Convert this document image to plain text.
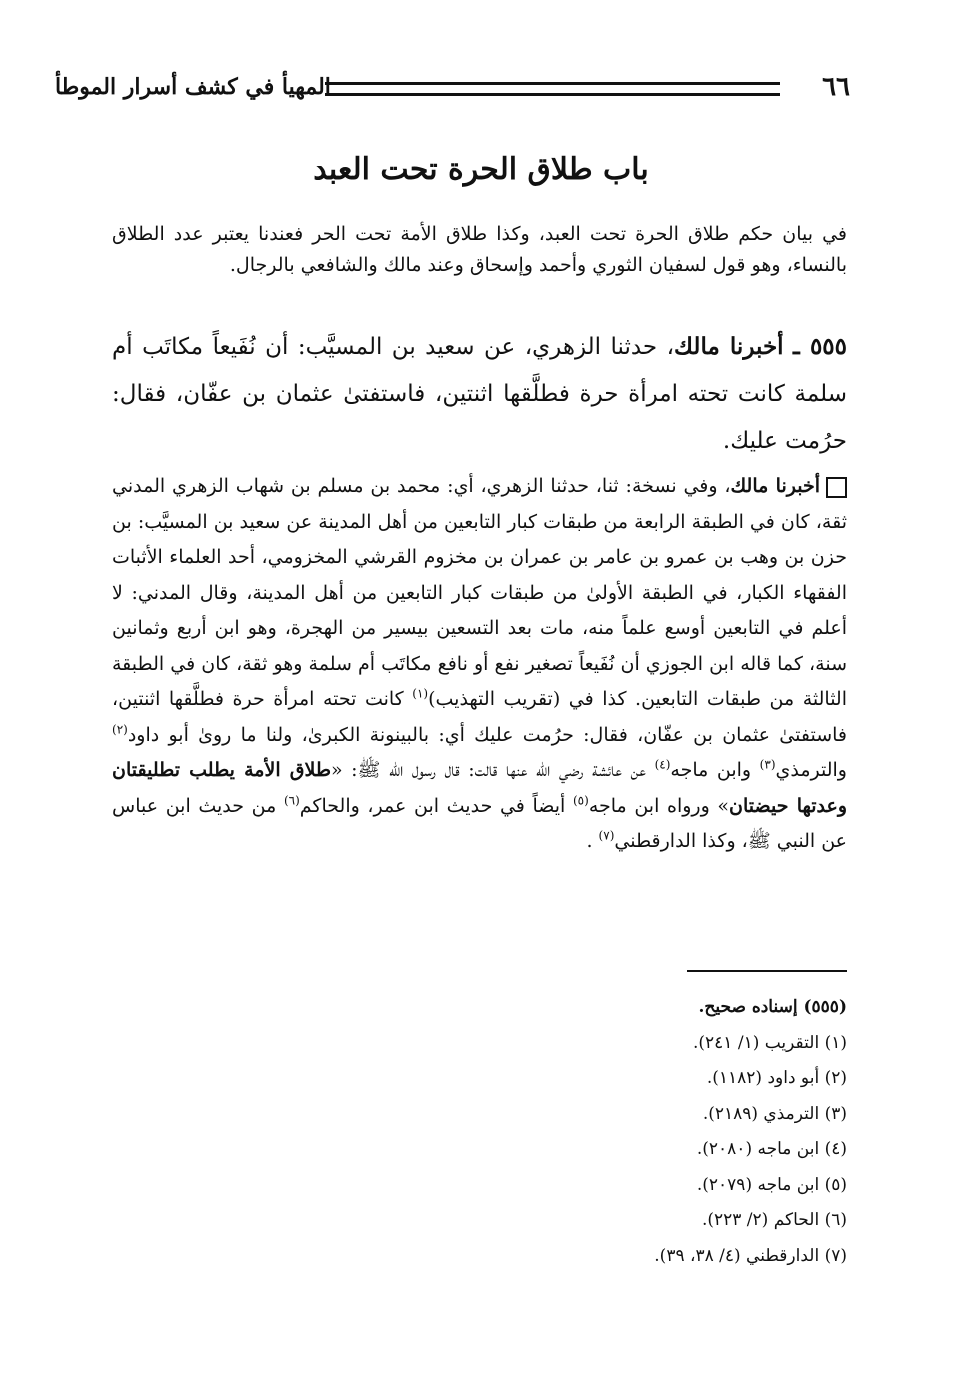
٦٦
المهيأ في كشف أسرار الموطأ
باب طلاق الحرة تحت العبد

في بيان حكم طلاق الحرة تحت العبد، وكذا طلاق الأمة تحت الحر فعندنا يعتبر عدد الطلاق بالنساء، وهو قول لسفيان الثوري وأحمد وإسحاق وعند مالك والشافعي بالرجال.

٥٥٥ ـ أخبرنا مالك، حدثنا الزهري، عن سعيد بن المسيَّب: أن نُفَيعاً مكاتَب أم سلمة كانت تحته امرأة حرة فطلَّقها اثنتين، فاستفتىٰ عثمان بن عفّان، فقال: حرُمت عليك.

أخبرنا مالك، وفي نسخة: ثنا، حدثنا الزهري، أي: محمد بن مسلم بن شهاب الزهري المدني ثقة، كان في الطبقة الرابعة من طبقات كبار التابعين من أهل المدينة عن سعيد بن المسيَّب: بن حزن بن وهب بن عمرو بن عامر بن عمران بن مخزوم القرشي المخزومي، أحد العلماء الأثبات الفقهاء الكبار، في الطبقة الأولىٰ من طبقات كبار التابعين من أهل المدينة، وقال المدني: لا أعلم في التابعين أوسع علماً منه، مات بعد التسعين بيسير من الهجرة، وهو ابن أربع وثمانين سنة، كما قاله ابن الجوزي أن نُفَيعاً تصغير نفع أو نافع مكاتَب أم سلمة وهو ثقة، كان في الطبقة الثالثة من طبقات التابعين. كذا في (تقريب التهذيب)$^{(١)}$ كانت تحته امرأة حرة فطلَّقها اثنتين، فاستفتىٰ عثمان بن عفّان، فقال: حرُمت عليك أي: بالبينونة الكبرىٰ، ولنا ما روىٰ أبو داود$^{(٢)}$ والترمذي$^{(٣)}$ وابن ماجه$^{(٤)}$ عن عائشة رضي الله عنها قالت: قال رسول الله ﷺ: «طلاق الأمة يطلب تطليقتان وعدتها حيضتان» ورواه ابن ماجه$^{(٥)}$ أيضاً في حديث ابن عمر، والحاكم$^{(٦)}$ من حديث ابن عباس عن النبي ﷺ، وكذا الدارقطني$^{(٧)}$ .

(٥٥٥) إسناده صحيح.
(١) التقريب (١/ ٢٤١).
(٢) أبو داود (١١٨٢).
(٣) الترمذي (٢١٨٩).
(٤) ابن ماجه (٢٠٨٠).
(٥) ابن ماجه (٢٠٧٩).
(٦) الحاكم (٢/ ٢٢٣).
(٧) الدارقطني (٤/ ٣٨، ٣٩).
